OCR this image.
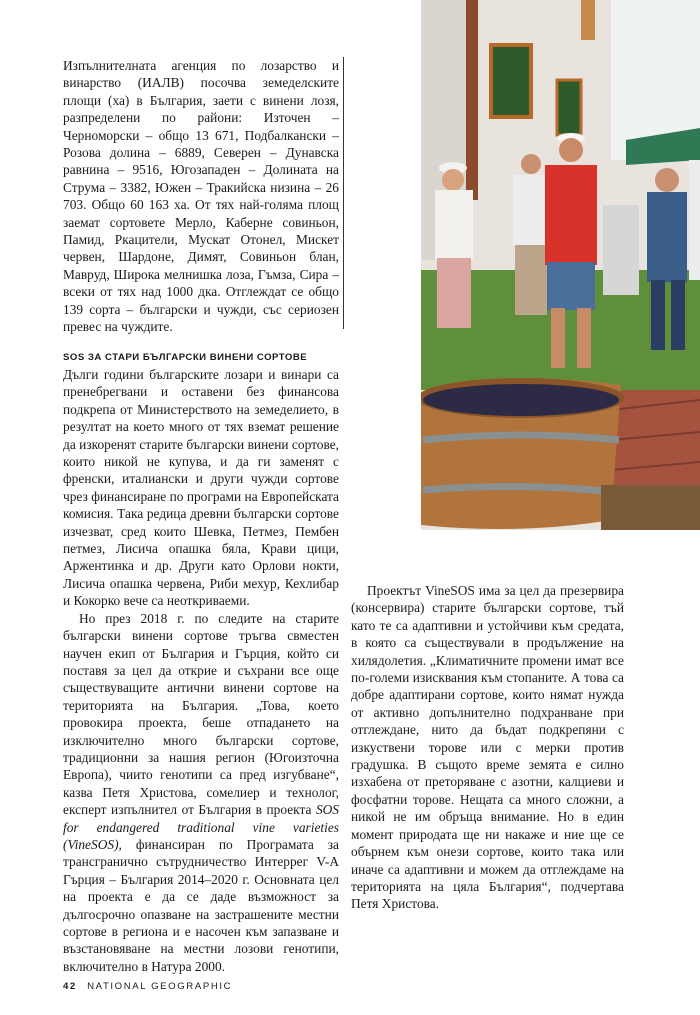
Изпълнителната агенция по лозарство и винарство (ИАЛВ) посочва земеделските площи (ха) в България, заети с винени лозя, разпределени по райони: Източен – Черноморски – общо 13 671, Подбалкански – Розова долина – 6889, Северен – Дунавска равнина – 9516, Югозападен – Долината на Струма – 3382, Южен – Тракийска низина – 26 703. Общо 60 163 ха. От тях най-голяма площ заемат сортовете Мерло, Каберне совиньон, Памид, Ркацители, Мускат Отонел, Мискет червен, Шардоне, Димят, Совиньон блан, Мавруд, Широка мелнишка лоза, Гъмза, Сира – всеки от тях над 1000 дка. Отглеждат се общо 139 сорта – български и чужди, със сериозен превес на чуждите.

SOS ЗА СТАРИ БЪЛГАРСКИ ВИНЕНИ СОРТОВЕ

Дълги години българските лозари и винари са пренебрегвани и оставени без финансова подкрепа от Министерството на земеделието, в резултат на което много от тях вземат решение да изкоренят старите български винени сортове, които никой не купува, и да ги заменят с френски, италиански и други чужди сортове чрез финансиране по програми на Европейската комисия. Така редица древни български сортове изчезват, сред които Шевка, Петмез, Пембен петмез, Лисича опашка бяла, Крави цици, Аржентинка и др. Други като Орлови нокти, Лисича опашка червена, Риби мехур, Кехлибар и Кокорко вече са неоткриваеми.

Но през 2018 г. по следите на старите български винени сортове тръгва свместен научен екип от България и Гърция, който си поставя за цел да открие и съхрани все още съществуващите антични винени сортове на територията на България. „Това, което провокира проекта, беше отпадането на изключително много български сортове, традиционни за нашия регион (Югоизточна Европа), чиито генотипи са пред изгубване“, казва Петя Христова, сомелиер и технолог, експерт изпълнител от България в проекта SOS for endangered traditional vine varieties (VineSOS), финансиран по Програмата за трансгранично сътрудничество Интеррег V-A Гърция – България 2014–2020 г. Основната цел на проекта е да се даде възможност за дългосрочно опазване на застрашените местни сортове в региона и е насочен към запазване и възстановяване на местни лозови генотипи, включително в Натура 2000.

Проектът VineSOS има за цел да презервира (консервира) старите български сортове, тъй като те са адаптивни и устойчиви към средата, в която са съществували в продължение на хилядолетия. „Климатичните промени имат все по-големи изисквания към стопаните. А това са добре адаптирани сортове, които нямат нужда от активно допълнително подхранване при отглеждане, нито да бъдат подкрепяни с изкуствени торове или с мерки против градушка. В същото време земята е силно изхабена от преторяване с азотни, калциеви и фосфатни торове. Нещата са много сложни, а никой не им обръща внимание. Но в един момент природата ще ни накаже и ние ще се обърнем към онези сортове, които така или иначе са адаптивни и можем да отглеждаме на територията на цяла България“, подчертава Петя Христова.

42 NATIONAL GEOGRAPHIC
